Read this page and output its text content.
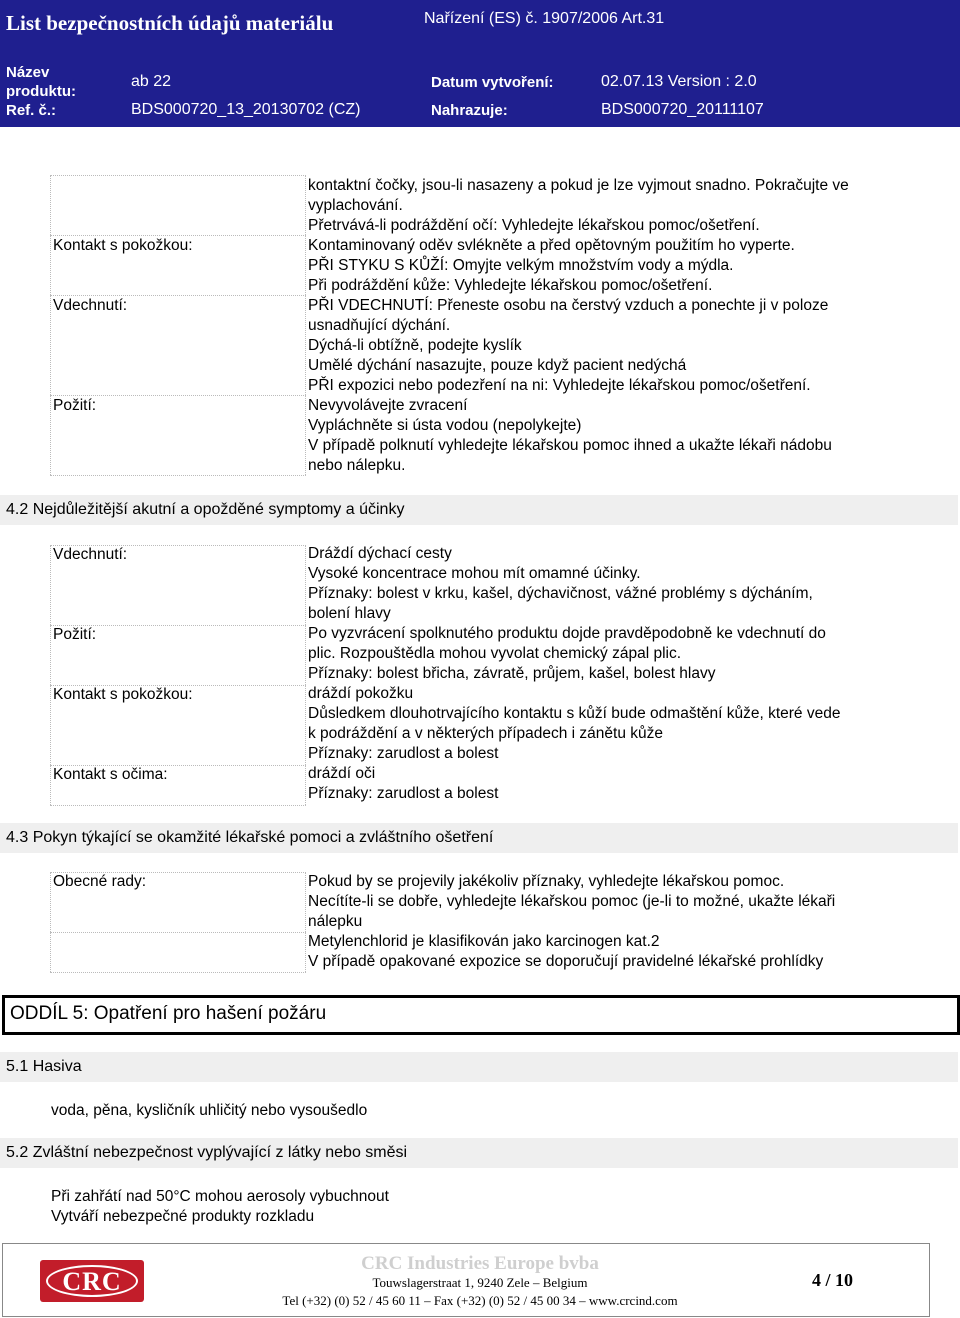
List bezpečnostních údajů materiálu	Nařízení (ES) č. 1907/2006 Art.31
Název produktu:
ab 22	Datum vytvoření:	02.07.13 Version : 2.0
Ref. č.:	BDS000720_13_20130702 (CZ)	Nahrazuje:	BDS000720_20111107
kontaktní čočky, jsou-li nasazeny a pokud je lze vyjmout snadno. Pokračujte ve
vyplachování.
Přetrvává-li podráždění očí: Vyhledejte lékařskou pomoc/ošetření.
Kontakt s pokožkou:	Kontaminovaný oděv svlékněte a před opětovným použitím ho vyperte.
PŘI STYKU S KŮŽÍ: Omyjte velkým množstvím vody a mýdla.
Při podráždění kůže: Vyhledejte lékařskou pomoc/ošetření.
Vdechnutí:	PŘI VDECHNUTÍ: Přeneste osobu na čerstvý vzduch a ponechte ji v poloze
usnadňující dýchání.
Dýchá-li obtížně, podejte kyslík
Umělé dýchání nasazujte, pouze když pacient nedýchá
PŘI expozici nebo podezření na ni: Vyhledejte lékařskou pomoc/ošetření.
Požití:	Nevyvolávejte zvracení
Vypláchněte si ústa vodou (nepolykejte)
V případě polknutí vyhledejte lékařskou pomoc ihned a ukažte lékaři nádobu
nebo nálepku.
4.2 Nejdůležitější akutní a opožděné symptomy a účinky
Vdechnutí:	Dráždí dýchací cesty
Vysoké koncentrace mohou mít omamné účinky.
Příznaky: bolest v krku, kašel, dýchavičnost, vážné problémy s dýcháním,
bolení hlavy
Požití:	Po vyzvrácení spolknutého produktu dojde pravděpodobně ke vdechnutí do
plic. Rozpouštědla mohou vyvolat chemický zápal plic.
Příznaky: bolest břicha, závratě, průjem, kašel, bolest hlavy
Kontakt s pokožkou:	dráždí pokožku
Důsledkem dlouhotrvajícího kontaktu s kůží bude odmaštění kůže, které vede
k podráždění a v některých případech i zánětu kůže
Příznaky: zarudlost a bolest
Kontakt s očima:	dráždí oči
Příznaky: zarudlost a bolest
4.3 Pokyn týkající se okamžité lékařské pomoci a zvláštního ošetření
Obecné rady:	Pokud by se projevily jakékoliv příznaky, vyhledejte lékařskou pomoc.
Necítíte-li se dobře, vyhledejte lékařskou pomoc (je-li to možné, ukažte lékaři
nálepku
Metylenchlorid je klasifikován jako karcinogen kat.2
V případě opakované expozice se doporučují pravidelné lékařské prohlídky
ODDÍL 5: Opatření pro hašení požáru
5.1 Hasiva
voda, pěna, kysličník uhličitý nebo vysoušedlo
5.2 Zvláštní nebezpečnost vyplývající z látky nebo směsi
Při zahřátí nad 50°C mohou aerosoly vybuchnout
Vytváří nebezpečné produkty rozkladu
CRC
CRC Industries Europe bvba
Touwslagerstraat 1, 9240 Zele – Belgium
Tel (+32) (0) 52 / 45 60 11 – Fax (+32) (0) 52 / 45 00 34 – www.crcind.com
4 / 10
